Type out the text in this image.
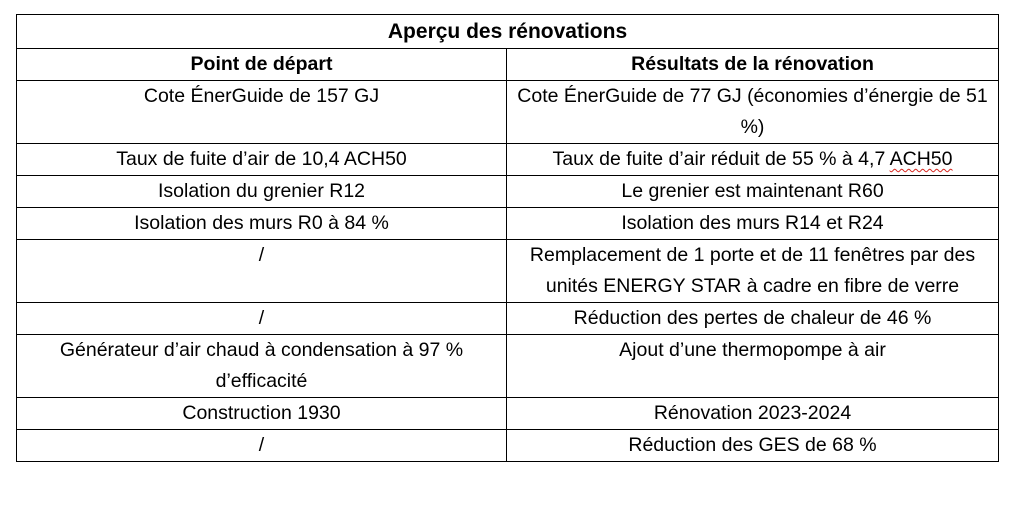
Aperçu des rénovations	
Point de départ	Résultats de la rénovation
Cote ÉnerGuide de 157 GJ	Cote ÉnerGuide de 77 GJ (économies d’énergie de 51 %)
Taux de fuite d’air de 10,4 ACH50	Taux de fuite d’air réduit de 55 % à 4,7 ACH50
Isolation du grenier R12	Le grenier est maintenant R60
Isolation des murs R0 à 84 %	Isolation des murs R14 et R24
/	Remplacement de 1 porte et de 11 fenêtres par des unités ENERGY STAR à cadre en fibre de verre
/	Réduction des pertes de chaleur de 46 %
Générateur d’air chaud à condensation à 97 % d’efficacité	Ajout d’une thermopompe à air
Construction 1930	Rénovation 2023-2024
/	Réduction des GES de 68 %
